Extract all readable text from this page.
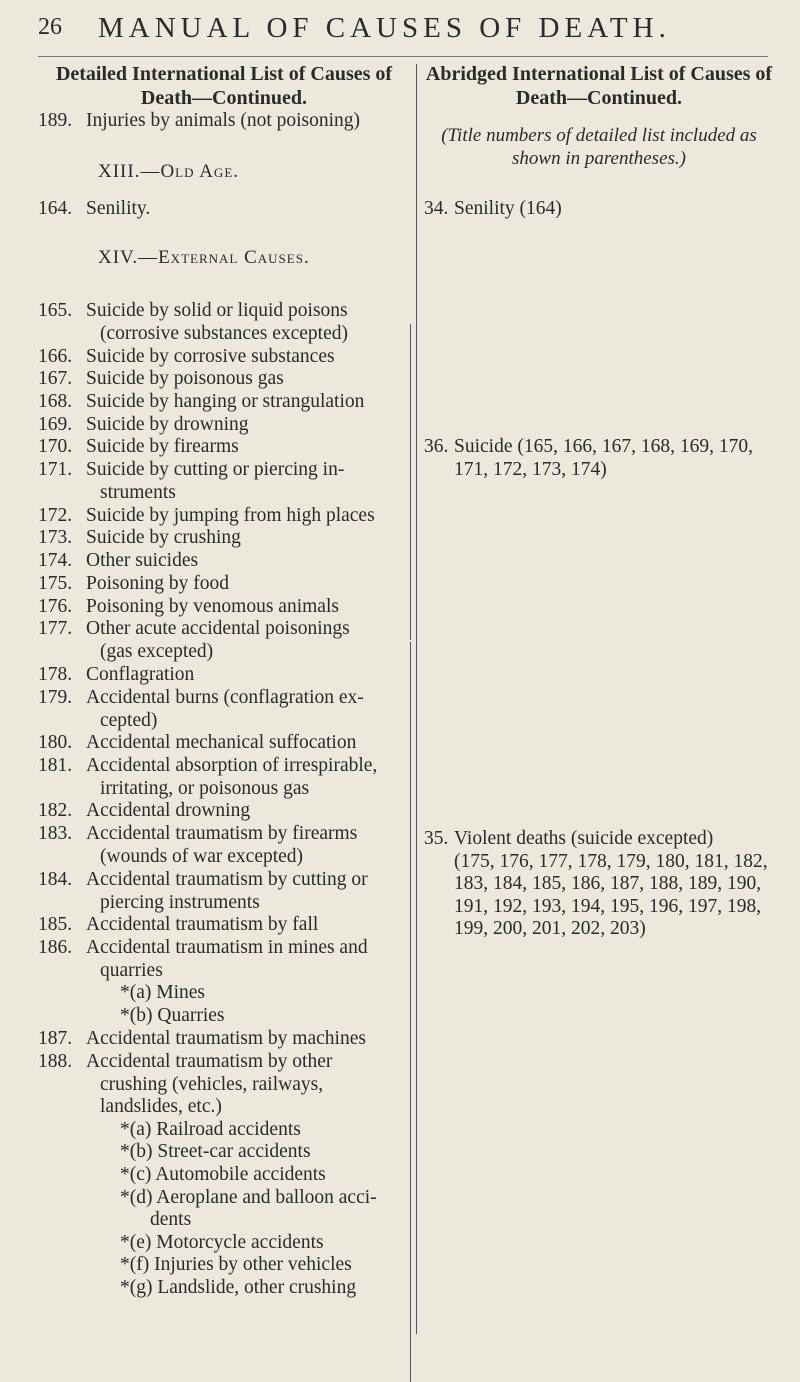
26 MANUAL OF CAUSES OF DEATH.
Detailed International List of Causes of
Death—Continued.
XIII.—Old Age.
164. Senility.
XIV.—External Causes.
165. Suicide by solid or liquid poisons
(corrosive substances excepted)
166. Suicide by corrosive substances
167. Suicide by poisonous gas
168. Suicide by hanging or strangulation
169. Suicide by drowning
170. Suicide by firearms
171. Suicide by cutting or piercing in-
struments
172. Suicide by jumping from high places
173. Suicide by crushing
174. Other suicides
175. Poisoning by food
176. Poisoning by venomous animals
177. Other acute accidental poisonings
(gas excepted)
178. Conflagration
179. Accidental burns (conflagration ex-
cepted)
180. Accidental mechanical suffocation
181. Accidental absorption of irrespirable,
irritating, or poisonous gas
182. Accidental drowning
183. Accidental traumatism by firearms
(wounds of war excepted)
184. Accidental traumatism by cutting or
piercing instruments
185. Accidental traumatism by fall
186. Accidental traumatism in mines and
quarries
*(a) Mines
*(b) Quarries
187. Accidental traumatism by machines
188. Accidental traumatism by other
crushing (vehicles, railways,
landslides, etc.)
*(a) Railroad accidents
*(b) Street-car accidents
*(c) Automobile accidents
*(d) Aeroplane and balloon acci-
dents
*(e) Motorcycle accidents
*(f) Injuries by other vehicles
*(g) Landslide, other crushing
189. Injuries by animals (not poisoning)
Abridged International List of Causes of
Death—Continued.
(Title numbers of detailed list included as
shown in parentheses.)
34. Senility (164)
36. Suicide (165, 166, 167, 168, 169, 170,
171, 172, 173, 174)
35. Violent deaths (suicide excepted)
(175, 176, 177, 178, 179, 180, 181, 182,
183, 184, 185, 186, 187, 188, 189, 190,
191, 192, 193, 194, 195, 196, 197, 198,
199, 200, 201, 202, 203)
